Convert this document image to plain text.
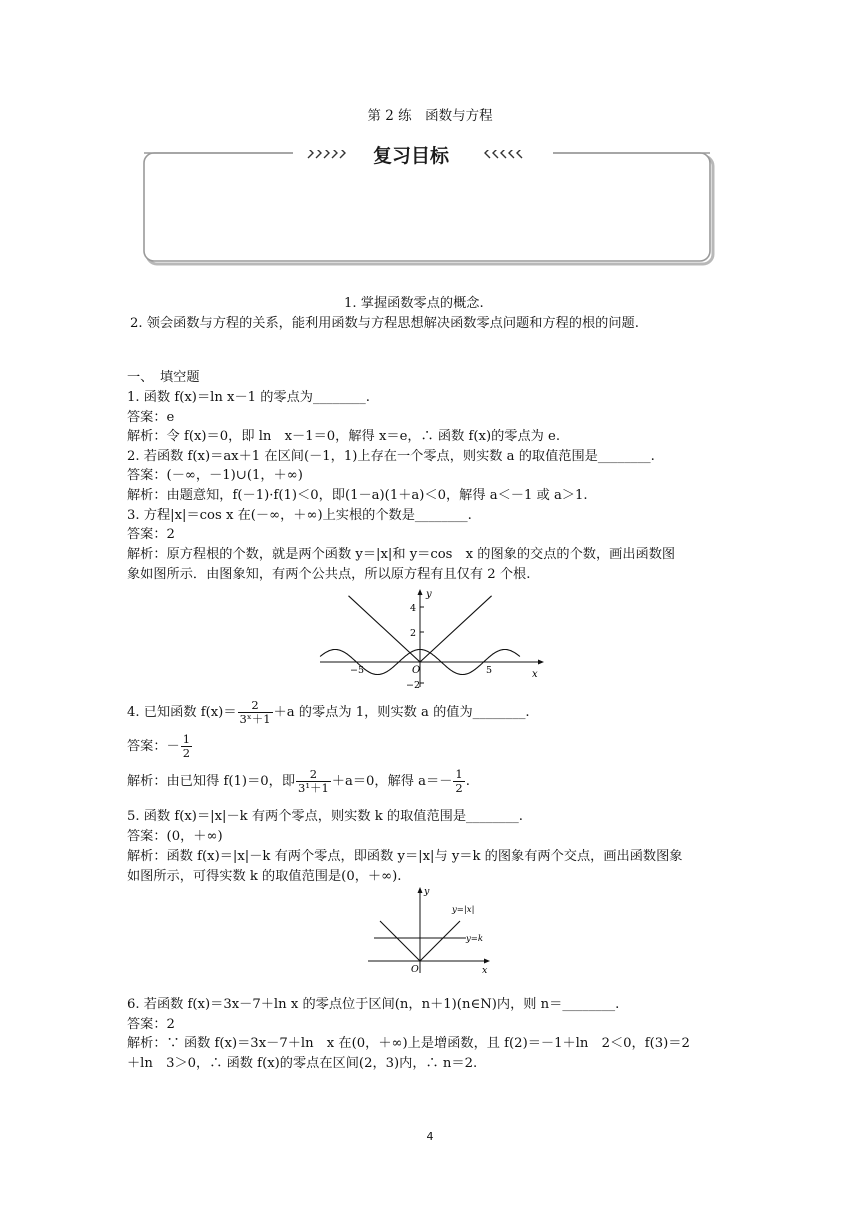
第 2 练　函数与方程
复习目标
1. 掌握函数零点的概念.
2. 领会函数与方程的关系，能利用函数与方程思想解决函数零点问题和方程的根的问题.
一、　填空题
1. 函数 f(x)＝ln x－1 的零点为________.
答案：e
解析：令 f(x)＝0，即 ln　x－1＝0，解得 x＝e，∴ 函数 f(x)的零点为 e.
2. 若函数 f(x)＝ax＋1 在区间(－1，1)上存在一个零点，则实数 a 的取值范围是________.
答案：(－∞，－1)∪(1，＋∞)
解析：由题意知，f(－1)·f(1)＜0，即(1－a)(1＋a)＜0，解得 a＜－1 或 a＞1.
3. 方程|x|＝cos x 在(－∞，＋∞)上实根的个数是________.
答案：2
解析：原方程根的个数，就是两个函数 y＝|x|和 y＝cos　x 的图象的交点的个数，画出函数图
象如图所示．由图象知，有两个公共点，所以原方程有且仅有 2 个根.
y
x
O
−5	5
4
2
−2
4. 已知函数 $f(x)= \frac{2}{\text{3ˣ＋1}} +a$ 的零点为 1，则实数 a 的值为________.
答案：－ $\frac{1}{2}$
解析：由已知得 f(1)＝0，即 $\frac{2}{\text{3¹＋1}} +a=0$，解得 $a=- \frac{1}{2}$ .
5. 函数 f(x)＝|x|－k 有两个零点，则实数 k 的取值范围是________.
答案：(0，＋∞)
解析：函数 f(x)＝|x|－k 有两个零点，即函数 y＝|x|与 y＝k 的图象有两个交点，画出函数图象
如图所示，可得实数 k 的取值范围是(0，＋∞).
y
x
O
y=|x|
y=k
6. 若函数 f(x)＝3x－7＋ln x 的零点位于区间(n，n＋1)(n∈N)内，则 n＝________.
答案：2
解析：∵ 函数 f(x)＝3x－7＋ln　x 在(0，＋∞)上是增函数，且 f(2)＝－1＋ln　2＜0，f(3)＝2
＋ln　3＞0，∴ 函数 f(x)的零点在区间(2，3)内，∴ n＝2.
4
